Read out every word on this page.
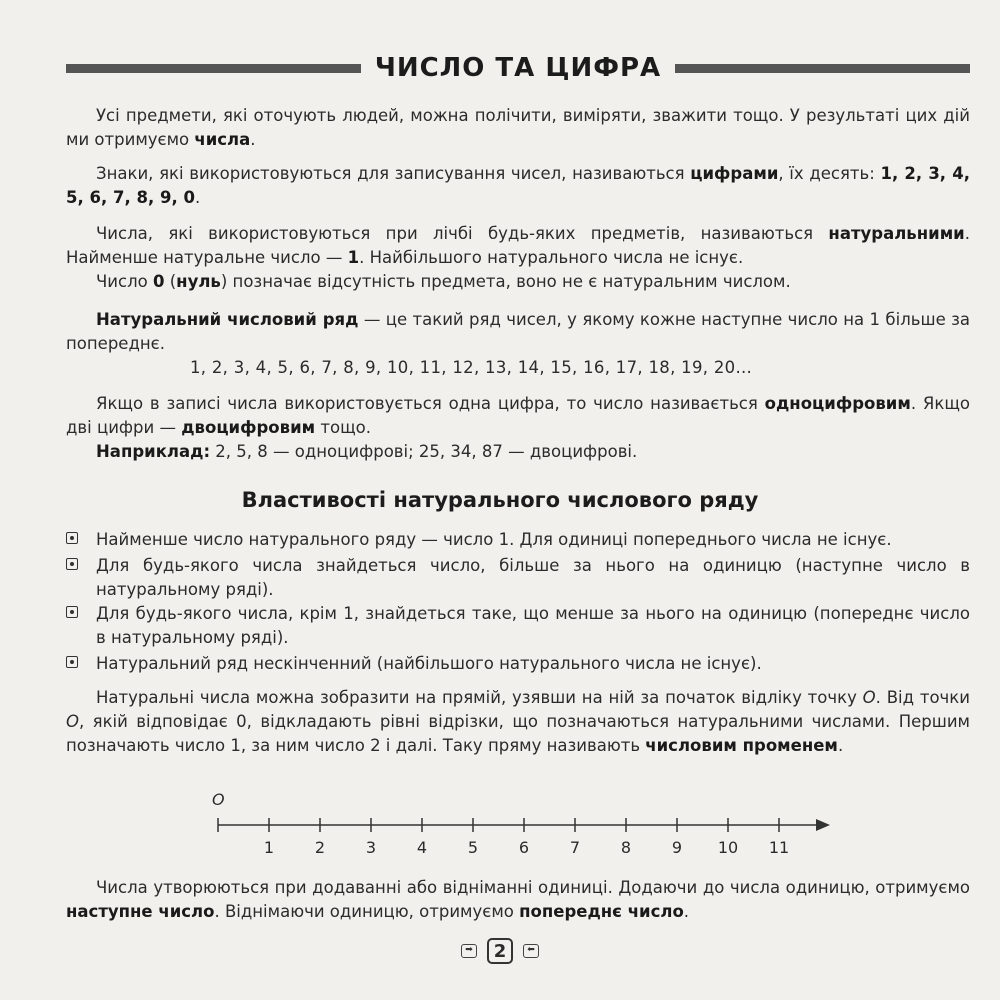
ЧИСЛО ТА ЦИФРА

Усі предмети, які оточують людей, можна полічити, виміряти, зважити тощо. У результаті цих дій ми отримуємо числа.

Знаки, які використовуються для записування чисел, називаються цифрами, їх десять: 1, 2, 3, 4, 5, 6, 7, 8, 9, 0.

Числа, які використовуються при лічбі будь-яких предметів, називаються натуральними. Найменше натуральне число — 1. Найбільшого натурального числа не існує.

Число 0 (нуль) позначає відсутність предмета, воно не є натуральним числом.

Натуральний числовий ряд — це такий ряд чисел, у якому кожне наступне число на 1 більше за попереднє.

1, 2, 3, 4, 5, 6, 7, 8, 9, 10, 11, 12, 13, 14, 15, 16, 17, 18, 19, 20…

Якщо в записі числа використовується одна цифра, то число називається одноцифровим. Якщо дві цифри — двоцифровим тощо.

Наприклад: 2, 5, 8 — одноцифрові; 25, 34, 87 — двоцифрові.

Властивості натурального числового ряду
Найменше число натурального ряду — число 1. Для одиниці попереднього числа не існує.
Для будь-якого числа знайдеться число, більше за нього на одиницю (наступне число в натуральному ряді).
Для будь-якого числа, крім 1, знайдеться таке, що менше за нього на одиницю (попереднє число в натуральному ряді).
Натуральний ряд нескінченний (найбільшого натурального числа не існує).

Натуральні числа можна зобразити на прямій, узявши на ній за початок відліку точку O. Від точки O, якій відповідає 0, відкладають рівні відрізки, що позначаються натуральними числами. Першим позначають число 1, за ним число 2 і далі. Таку пряму називають числовим променем.

O
1	2	3	4	5	6	7	8	9 10 11

Числа утворюються при додаванні або відніманні одиниці. Додаючи до числа одиницю, отримуємо наступне число. Віднімаючи одиницю, отримуємо попереднє число.

➡	2	⬅
